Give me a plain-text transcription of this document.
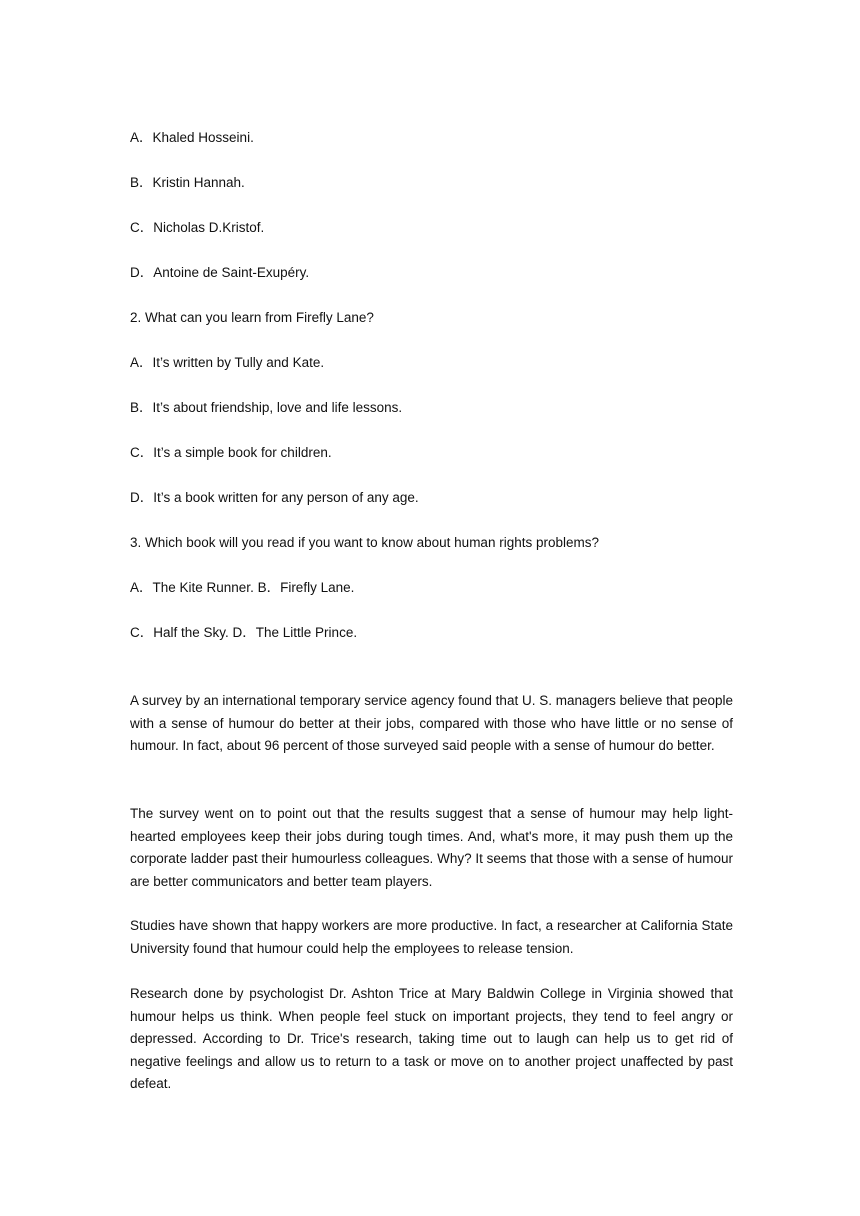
A．Khaled Hosseini.
B．Kristin Hannah.
C．Nicholas D.Kristof.
D．Antoine de Saint-Exupéry.
2. What can you learn from Firefly Lane?
A．It’s written by Tully and Kate.
B．It’s about friendship, love and life lessons.
C．It’s a simple book for children.
D．It’s a book written for any person of any age.
3. Which book will you read if you want to know about human rights problems?
A．The Kite Runner. B．Firefly Lane.
C．Half the Sky. D．The Little Prince.

A survey by an international temporary service agency found that U. S. managers believe that people with a sense of humour do better at their jobs, compared with those who have little or no sense of humour. In fact, about 96 percent of those surveyed said people with a sense of humour do better.

The survey went on to point out that the results suggest that a sense of humour may help light-hearted employees keep their jobs during tough times. And, what's more, it may push them up the corporate ladder past their humourless colleagues. Why? It seems that those with a sense of humour are better communicators and better team players.

Studies have shown that happy workers are more productive. In fact, a researcher at California State University found that humour could help the employees to release tension.

Research done by psychologist Dr. Ashton Trice at Mary Baldwin College in Virginia showed that humour helps us think. When people feel stuck on important projects, they tend to feel angry or depressed. According to Dr. Trice's research, taking time out to laugh can help us to get rid of negative feelings and allow us to return to a task or move on to another project unaffected by past defeat.
